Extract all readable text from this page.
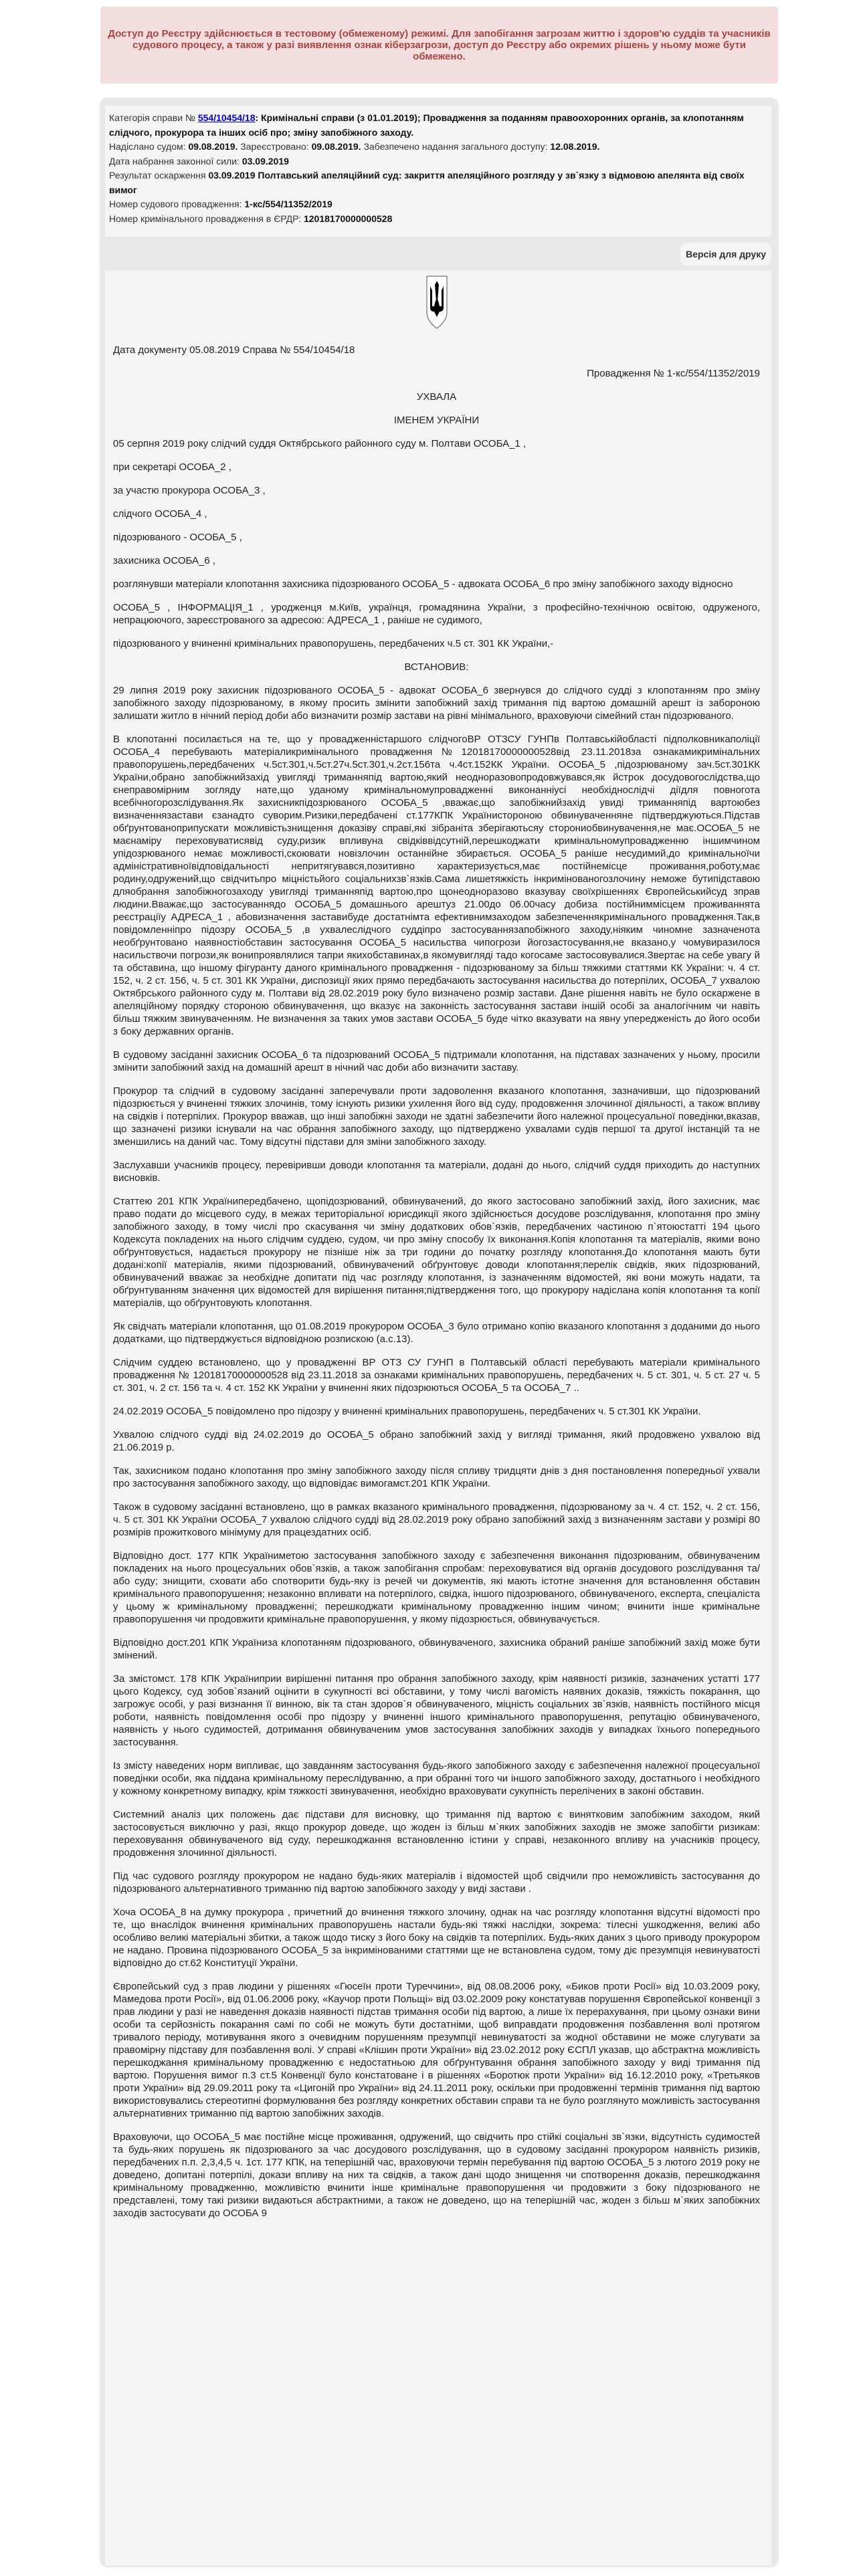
Доступ до Реєстру здійснюється в тестовому (обмеженому) режимі. Для запобігання загрозам життю і здоров'ю суддів та учасників судового процесу, а також у разі виявлення ознак кіберзагрози, доступ до Реєстру або окремих рішень у ньому може бути обмежено.
Категорія справи № 554/10454/18: Кримінальні справи (з 01.01.2019); Провадження за поданням правоохоронних органів, за клопотанням слідчого, прокурора та інших осіб про; зміну запобіжного заходу.
Надіслано судом: 09.08.2019. Зареєстровано: 09.08.2019. Забезпечено надання загального доступу: 12.08.2019.
Дата набрання законної сили: 03.09.2019
Результат оскарження 03.09.2019 Полтавський апеляційний суд: закриття апеляційного розгляду у зв`язку з відмовою апелянта від своїх вимог
Номер судового провадження: 1-кс/554/11352/2019
Номер кримінального провадження в ЄРДР: 12018170000000528
Версія для друку

Дата документу 05.08.2019 Справа № 554/10454/18

Провадження № 1-кс/554/11352/2019

УХВАЛА

ІМЕНЕМ УКРАЇНИ

05 серпня 2019 року слідчий суддя Октябрського районного суду м. Полтави ОСОБА_1 ,

при секретарі ОСОБА_2 ,

за участю прокурора ОСОБА_3 ,

слідчого ОСОБА_4 ,

підозрюваного - ОСОБА_5 ,

захисника ОСОБА_6 ,

розглянувши матеріали клопотання захисника підозрюваного ОСОБА_5 - адвоката ОСОБА_6 про зміну запобіжного заходу відносно

ОСОБА_5 , ІНФОРМАЦІЯ_1 , уродженця м.Київ, українця, громадянина України, з професійно-технічною освітою, одруженого, непрацюючого, зареєстрованого за адресою: АДРЕСА_1 , раніше не судимого,

підозрюваного у вчиненні кримінальних правопорушень, передбачених ч.5 ст. 301 КК України,-

ВСТАНОВИВ:

29 липня 2019 року захисник підозрюваного ОСОБА_5 - адвокат ОСОБА_6 звернувся до слідчого судді з клопотанням про зміну запобіжного заходу підозрюваному, в якому просить змінити запобіжний захід тримання під вартою домашній арешт із забороною залишати житло в нічний період доби або визначити розмір застави на рівні мінімального, враховуючи сімейний стан підозрюваного.

В клопотанні посилається на те, що у провадженністаршого слідчогоВР ОТЗСУ ГУНПв Полтавськійобласті підполковникаполіції ОСОБА_4 перебувають матеріаликримінального провадження№12018170000000528від 23.11.2018за ознакамикримінальних правопорушень,передбачених ч.5ст.301,ч.5ст.27ч.5ст.301,ч.2ст.156та ч.4ст.152КК України. ОСОБА_5 ,підозрюваному зач.5ст.301КК України,обрано запобіжнийзахід увигляді триманняпід вартою,який неодноразовопродовжувався,як йстрок досудовогослідства,що єнеправомірним зогляду нате,що уданому кримінальномупровадженні виконанніусі необхіднослідчі дiїдля повногота всебічногорозслідування.Як захисникпідозрюваного ОСОБА_5 ,вважає,що запобіжнийзахід увиді триманняпід вартоюбез визначеннязастави єзанадто суворим.Ризики,передбачені ст.177КПК Українистороною обвинуваченняне підтверджуються.Підстав обґрунтованоприпускати можливістьзнищення доказіву справі,які зібраніта зберігаютьсяу сторониобвинувачення,не має.ОСОБА_5 не маєнаміру переховуватисявід суду,ризик впливуна свідківвідсутній,перешкоджати кримінальномупровадженню іншимчином упідозрюваного немає можливості,скоювати новізлочин останнійне збирається. ОСОБА_5 раніше несудимий,до кримінальноїчи адміністративноївідповідальності непритягувався,позитивно характеризується,має постійнемісце проживання,роботу,має родину,одружений,що свідчитьпро міцністьйого соціальнихзв`язків.Сама лишетяжкість інкримінованогозлочину неможе бутипідставою дляобрання запобіжногозаходу увигляді триманняпід вартою,про щонеодноразово вказувау своїхрішеннях Європейськийсуд зправ людини.Вважає,що застосуваннядо ОСОБА_5 домашнього арештуз 21.00до 06.00часу добиза постійниммісцем проживаннята реєстраціїу АДРЕСА_1 , абовизначення заставибуде достатнімта ефективнимзаходом забезпеченнякримінального провадження.Так,в повідомленніпро підозру ОСОБА_5 ,в ухвалeслідчого суддіпро застосуваннязапобіжного заходу,ніяким чиномне зазначенота необґрунтовано наявностіобставин застосування ОСОБА_5 насильства чипогрози йогозастосування,не вказано,у чомувиразилося насильствочи погрози,як вонипроявлялися тапри якихобставинах,в якомувигляді тадо когосаме застосовувалися.Звертає на себе увагу й та обставина, що іншому фігуранту даного кримінального провадження - підозрюваному за більш тяжкими статтями КК України: ч. 4 ст. 152, ч. 2 ст. 156, ч. 5 ст. 301 КК України, диспозиції яких прямо передбачають застосування насильства до потерпілих, ОСОБА_7 ухвалою Октябрського районного суду м. Полтави від 28.02.2019 року було визначено розмір застави. Дане рішення навіть не було оскаржене в апеляційному порядку стороною обвинувачення, що вказує на законність застосування застави іншій особі за аналогічним чи навіть більш тяжким звинуваченням. Не визначення за таких умов застави ОСОБА_5 буде чітко вказувати на явну упередженість до його особи з боку державних органів.

В судовому засіданні захисник ОСОБА_6 та підозрюваний ОСОБА_5 підтримали клопотання, на підставах зазначених у ньому, просили змінити запобіжний захід на домашній арешт в нічний час доби або визначити заставу.

Прокурор та слідчий в судовому засіданні заперечували проти задоволення вказаного клопотання, зазначивши, що підозрюваний підозрюється у вчиненні тяжких злочинів, тому існують ризики ухилення його від суду, продовження злочинної діяльності, а також впливу на свідків і потерпілих. Прокурор вважав, що інші запобіжні заходи не здатні забезпечити його належної процесуальної поведінки,вказав, що зазначені ризики існували на час обрання запобіжного заходу, що підтверджено ухвалами судів першої та другої інстанцій та не зменшились на даний час. Тому відсутні підстави для зміни запобіжного заходу.

Заслухавши учасників процесу, перевіривши доводи клопотання та матеріали, додані до нього, слідчий суддя приходить до наступних висновків.

Статтею 201 КПК Україниперeдбачено, щопідозрюваний, обвинувачений, до якого застосовано запобіжний захід, його захисник, має право подати до місцевого суду, в межах територіальної юрисдикції якого здійснюється досудове розслідування, клопотання про зміну запобіжного заходу, в тому числі про скасування чи зміну додаткових обов`язків, передбачених частиною п`ятоюстатті 194 цього Кодексута покладених на нього слідчим суддею, судом, чи про зміну способу їх виконання.Копія клопотання та матеріалів, якими воно обґрунтовується, надається прокурору не пізніше ніж за три години до початку розгляду клопотання.До клопотання мають бути додані:копії матеріалів, якими підозрюваний, обвинувачений обґрунтовує доводи клопотання;перелік свідків, яких підозрюваний, обвинувачений вважає за необхідне допитати під час розгляду клопотання, із зазначенням відомостей, які вони можуть надати, та обґрунтуванням значення цих відомостей для вирішення питання;підтвердження того, що прокурору надіслана копія клопотання та копії матеріалів, що обґрунтовують клопотання.

Як свідчать матеріали клопотання, що 01.08.2019 прокурором ОСОБА_3 було отримано копію вказаного клопотання з доданими до нього додатками, що підтверджується відповідною розпискою (а.с.13).

Слідчим суддею встановлено, що у провадженні ВР ОТЗ СУ ГУНП в Полтавській області перебувають матеріали кримінального провадження № 12018170000000528 від 23.11.2018 за ознаками кримінальних правопорушень, передбачених ч. 5 ст. 301, ч. 5 ст. 27 ч. 5 ст. 301, ч. 2 ст. 156 та ч. 4 ст. 152 КК України у вчиненні яких підозрюються ОСОБА_5 та ОСОБА_7 ..

24.02.2019 ОСОБА_5 повідомлено про підозру у вчиненні кримінальних правопорушень, передбачених ч. 5 ст.301 КК України.

Ухвалою слідчого судді від 24.02.2019 до ОСОБА_5 обрано запобіжний захід у вигляді тримання, який продовжено ухвалою від 21.06.2019 р.

Так, захисником подано клопотання про зміну запобіжного заходу після спливу тридцяти днів з дня постановлення попередньої ухвали про застосування запобіжного заходу, що відповідає вимогамст.201 КПК України.

Також в судовому засіданні встановлено, що в рамках вказаного кримінального провадження, підозрюваному за ч. 4 ст. 152, ч. 2 ст. 156, ч. 5 ст. 301 КК України ОСОБА_7 ухвалою слідчого судді від 28.02.2019 року обрано запобіжний захід з визначенням застави у розмірі 80 розмірів прожиткового мінімуму для працездатних осіб.

Відповідно дост. 177 КПК Україниметою застосування запобіжного заходу є забезпечення виконання підозрюваним, обвинуваченим покладених на нього процесуальних обов`язків, а також запобігання спробам: переховуватися від органів досудового розслідування та/або суду; знищити, сховати або спотворити будь-яку із речей чи документів, які мають істотне значення для встановлення обставин кримінального правопорушення; незаконно впливати на потерпілого, свідка, іншого підозрюваного, обвинуваченого, експерта, спеціаліста у цьому ж кримінальному провадженні; перешкоджати кримінальному провадженню іншим чином; вчинити інше кримінальне правопорушення чи продовжити кримінальне правопорушення, у якому підозрюється, обвинувачується.

Відповідно дост.201 КПК Україниза клопотанням підозрюваного, обвинуваченого, захисника обраний раніше запобіжний захід може бути змінений.

За змістомст. 178 КПК Україниприи вирішенні питання про обрання запобіжного заходу, крім наявності ризиків, зазначених устатті 177 цього Кодексу, суд зобов`язаний оцінити в сукупності всі обставини, у тому числі вагомість наявних доказів, тяжкість покарання, що загрожує особі, у разі визнання її винною, вік та стан здоров`я обвинуваченого, міцність соціальних зв`язків, наявність постійного місця роботи, наявність повідомлення особі про підозру у вчиненні іншого кримінального правопорушення, репутацію обвинуваченого, наявність у нього судимостей, дотримання обвинуваченим умов застосування запобіжних заходів у випадках їхнього попереднього застосування.

Із змісту наведених норм випливає, що завданням застосування будь-якого запобіжного заходу є забезпечення належної процесуальної поведінки особи, яка піддана кримінальному переслідуванню, а при обранні того чи іншого запобіжного заходу, достатнього і необхідного у кожному конкретному випадку, крім тяжкості звинувачення, необхідно враховувати сукупність перелічених в законі обставин.

Системний аналіз цих положень дає підстави для висновку, що тримання під вартою є винятковим запобіжним заходом, який застосовується виключно у разі, якщо прокурор доведе, що жоден із більш м`яких запобіжних заходів не зможе запобігти ризикам: переховування обвинуваченого від суду, перешкоджання встановленню істини у справі, незаконного впливу на учасників процесу, продовження злочинної діяльності.

Під час судового розгляду прокурором не надано будь-яких матеріалів і відомостей щоб свідчили про неможливість застосування до підозрюваного альтернативного триманню під вартою запобіжного заходу у виді застави .

Хоча ОСОБА_8 на думку прокурора , причетний до вчинення тяжкого злочину, однак на час розгляду клопотання відсутні відомості про те, що внаслідок вчинення кримінальних правопорушень настали будь-які тяжкі наслідки, зокрема: тілесні ушкодження, великі або особливо великі матеріальні збитки, а також щодо тиску з його боку на свідків та потерпілих. Будь-яких даних з цього приводу прокурором не надано. Провина підозрюваного ОСОБА_5 за інкримінованими статтями ще не встановлена судом, тому діє презумпція невинуватості відповідно до ст.62 Конституції України.

Європейський суд з прав людини у рішеннях «Гюсеїн проти Туреччини», від 08.08.2006 року, «Биков проти Росії» від 10.03.2009 року, Мамедова проти Росії», від 01.06.2006 року, «Каучор проти Польщі» від 03.02.2009 року констатував порушення Європейської конвенції з прав людини у разі не наведення доказів наявності підстав тримання особи під вартою, а лише їх перерахування, при цьому ознаки вини особи та серйозність покарання самі по собі не можуть бути достатніми, щоб виправдати продовження позбавлення волі протягом тривалого періоду, мотивування якого з очевидним порушенням презумпції невинуватості за жодної обставини не може слугувати за правомірну підставу для позбавлення волі. У справі «Клішин проти України» від 23.02.2012 року ЄСПЛ указав, що абстрактна можливість перешкоджання кримінальному провадженню є недостатньою для обґрунтування обрання запобіжного заходу у виді тримання під вартою. Порушення вимог п.3 ст.5 Конвенції було констатоване і в рішеннях «Боротюк проти України» від 16.12.2010 року, «Третьяков проти України» від 29.09.2011 року та «Цигоній про України» від 24.11.2011 року, оскільки при продовженні термінів тримання під вартою використовувались стереотипні формулювання без розгляду конкретних обставин справи та не було розглянуто можливість застосування альтернативних триманню під вартою запобіжних заходів.

Враховуючи, що ОСОБА_5 має постійне місце проживання, одружений, що свідчить про стійкі соціальні зв`язки, відсутність судимостей та будь-яких порушень як підозрюваного за час досудового розслідування, що в судовому засіданні прокурором наявність ризиків, передбачених п.п. 2,3,4,5 ч. 1ст. 177 КПК, на теперішній час, враховуючи термін перебування під вартою ОСОБА_5 з лютого 2019 року не доведено, допитані потерпілі, докази впливу на них та свідків, а також дані щодо знищення чи спотворення доказів, перешкоджання кримінальному провадженню, можливістю вчинити інше кримінальне правопорушення чи продовжити з боку підозрюваного не представлені, тому такі ризики видаються абстрактними, а також не доведено, що на теперішній час, жоден з більш м`яких запобіжних заходів застосувати до ОСОБА 9
